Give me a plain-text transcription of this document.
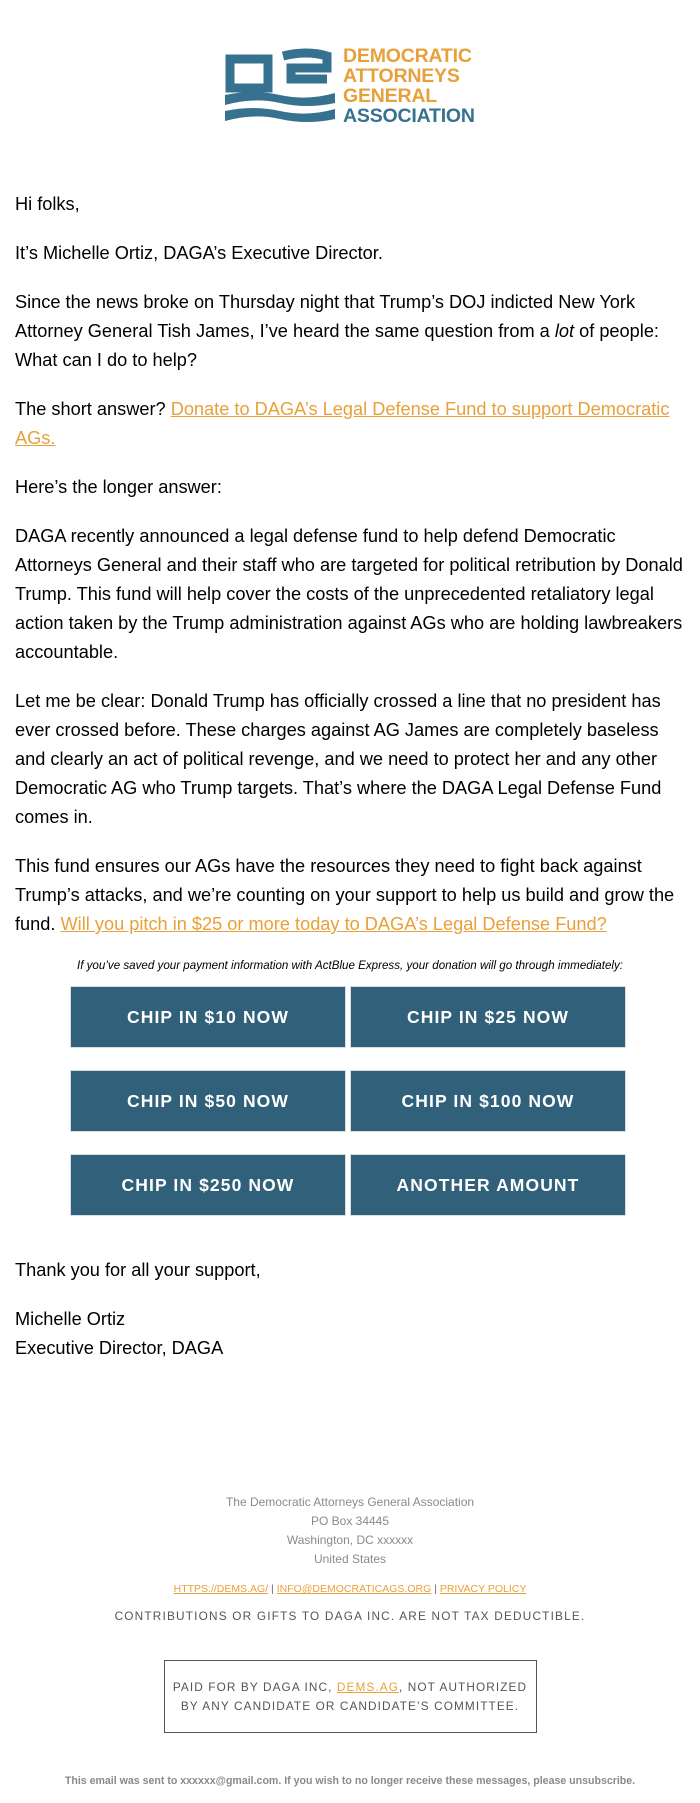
DEMOCRATIC
ATTORNEYS
GENERAL
ASSOCIATION

Hi folks,

It’s Michelle Ortiz, DAGA’s Executive Director.

Since the news broke on Thursday night that Trump’s DOJ indicted New York Attorney General Tish James, I’ve heard the same question from a lot of people: What can I do to help?

The short answer? Donate to DAGA’s Legal Defense Fund to support Democratic AGs.

Here’s the longer answer:

DAGA recently announced a legal defense fund to help defend Democratic Attorneys General and their staff who are targeted for political retribution by Donald Trump. This fund will help cover the costs of the unprecedented retaliatory legal action taken by the Trump administration against AGs who are holding lawbreakers accountable.

Let me be clear: Donald Trump has officially crossed a line that no president has ever crossed before. These charges against AG James are completely baseless and clearly an act of political revenge, and we need to protect her and any other Democratic AG who Trump targets. That’s where the DAGA Legal Defense Fund comes in.

This fund ensures our AGs have the resources they need to fight back against Trump’s attacks, and we’re counting on your support to help us build and grow the fund. Will you pitch in $25 or more today to DAGA’s Legal Defense Fund?

If you’ve saved your payment information with ActBlue Express, your donation will go through immediately:
CHIP IN $10 NOW	CHIP IN $25 NOW
CHIP IN $50 NOW	CHIP IN $100 NOW
CHIP IN $250 NOW	ANOTHER AMOUNT

Thank you for all your support,

Michelle Ortiz

Executive Director, DAGA

The Democratic Attorneys General Association
PO Box 34445
Washington, DC xxxxxx
United States
HTTPS://DEMS.AG/ | INFO@DEMOCRATICAGS.ORG | PRIVACY POLICY
CONTRIBUTIONS OR GIFTS TO DAGA INC. ARE NOT TAX DEDUCTIBLE.
PAID FOR BY DAGA INC, DEMS.AG, NOT AUTHORIZED
BY ANY CANDIDATE OR CANDIDATE’S COMMITTEE.
This email was sent to xxxxxx@gmail.com. If you wish to no longer receive these messages, please unsubscribe.
